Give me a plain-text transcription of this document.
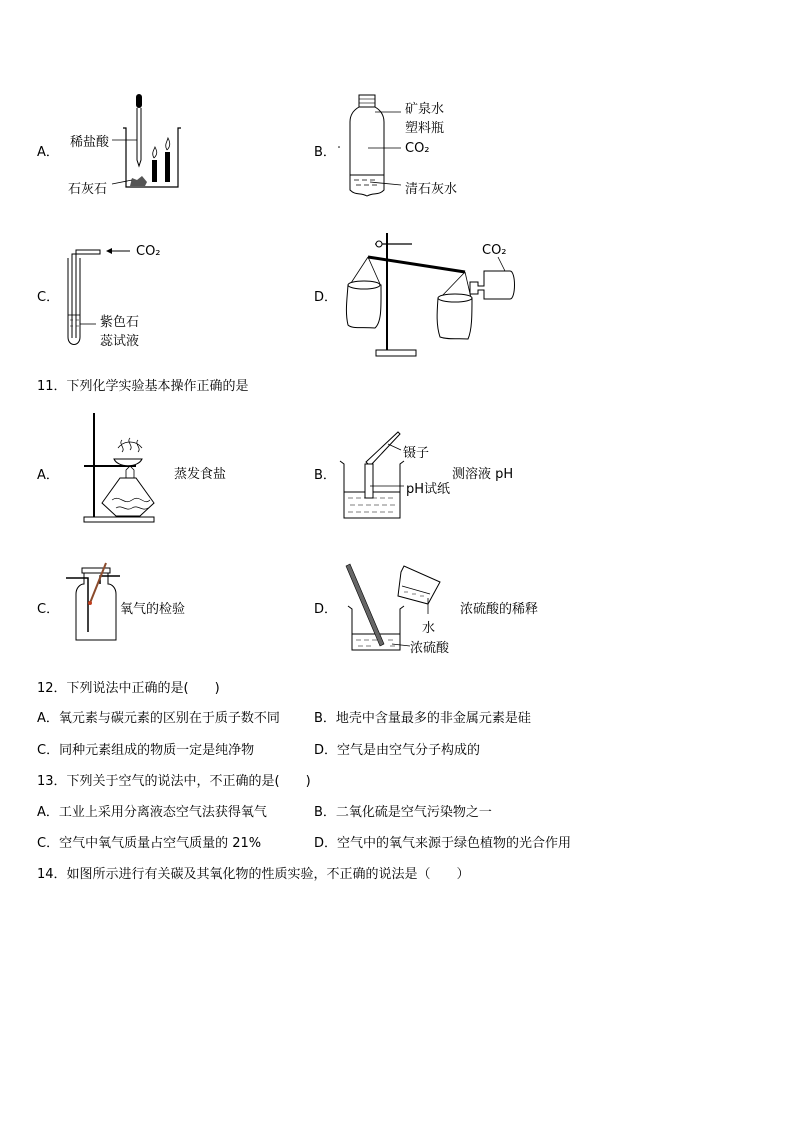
A．
稀盐酸
石灰石
B．
矿泉水
塑料瓶
CO₂
清石灰水
C．
CO₂
紫色石
蕊试液
D．
CO₂
11．下列化学实验基本操作正确的是
A．	蒸发食盐	B．
镊子
测溶液 pH
pH试纸
C．	氧气的检验	D．	浓硫酸的稀释
水
浓硫酸
12．下列说法中正确的是(　　)
A．氧元素与碳元素的区别在于质子数不同	B．地壳中含量最多的非金属元素是硅
C．同种元素组成的物质一定是纯净物	D．空气是由空气分子构成的
13．下列关于空气的说法中，不正确的是(　　)
A．工业上采用分离液态空气法获得氧气	B．二氧化硫是空气污染物之一
C．空气中氧气质量占空气质量的 21%	D．空气中的氧气来源于绿色植物的光合作用
14．如图所示进行有关碳及其氧化物的性质实验，不正确的说法是（　　）
